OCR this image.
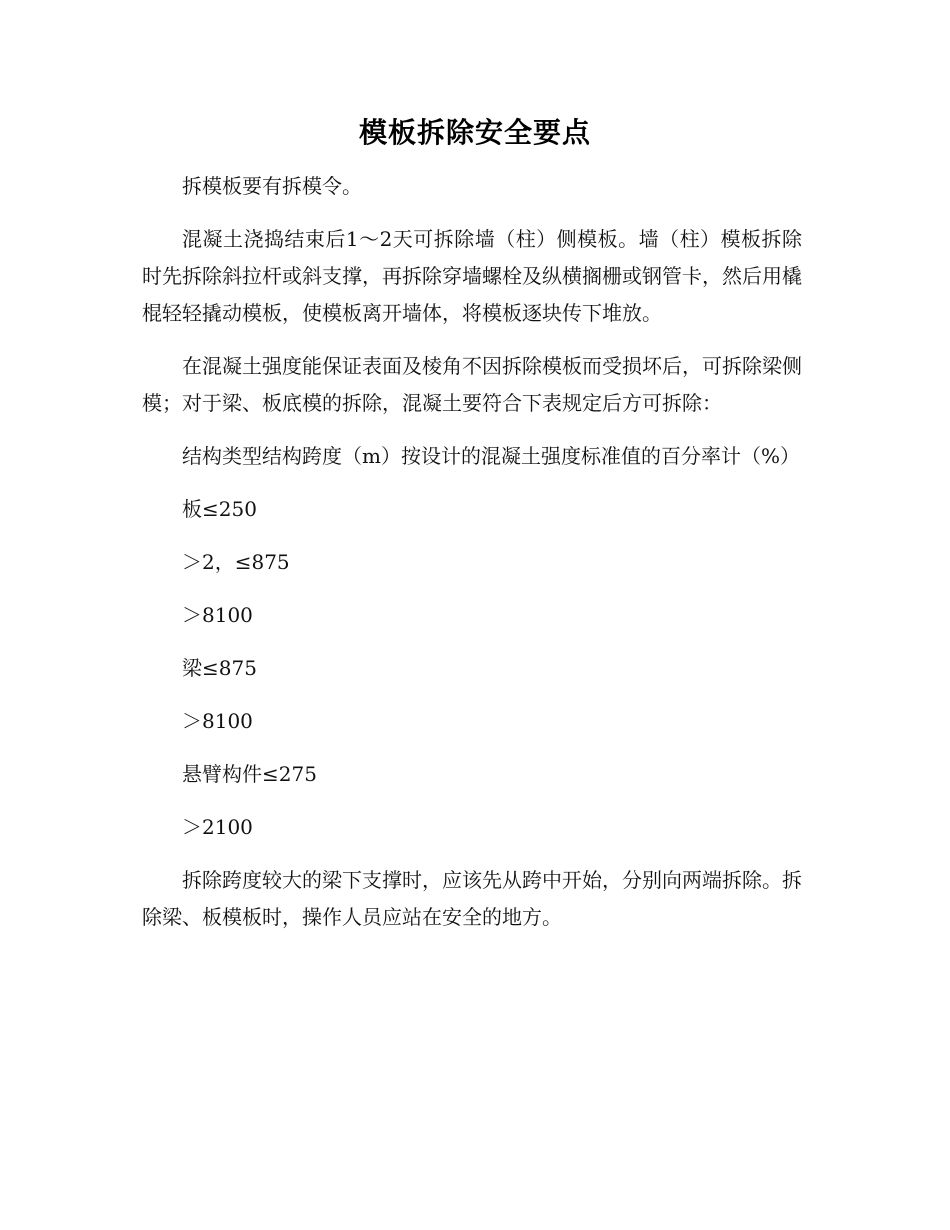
模板拆除安全要点

拆模板要有拆模令。

混凝土浇捣结束后1～2天可拆除墙（柱）侧模板。墙（柱）模板拆除时先拆除斜拉杆或斜支撑，再拆除穿墙螺栓及纵横搁栅或钢管卡，然后用橇棍轻轻撬动模板，使模板离开墙体，将模板逐块传下堆放。

在混凝土强度能保证表面及棱角不因拆除模板而受损坏后，可拆除梁侧模；对于梁、板底模的拆除，混凝土要符合下表规定后方可拆除：

结构类型结构跨度（m）按设计的混凝土强度标准值的百分率计（%）

板≤250

＞2，≤875

＞8100

梁≤875

＞8100

悬臂构件≤275

＞2100

拆除跨度较大的梁下支撑时，应该先从跨中开始，分别向两端拆除。拆除梁、板模板时，操作人员应站在安全的地方。
